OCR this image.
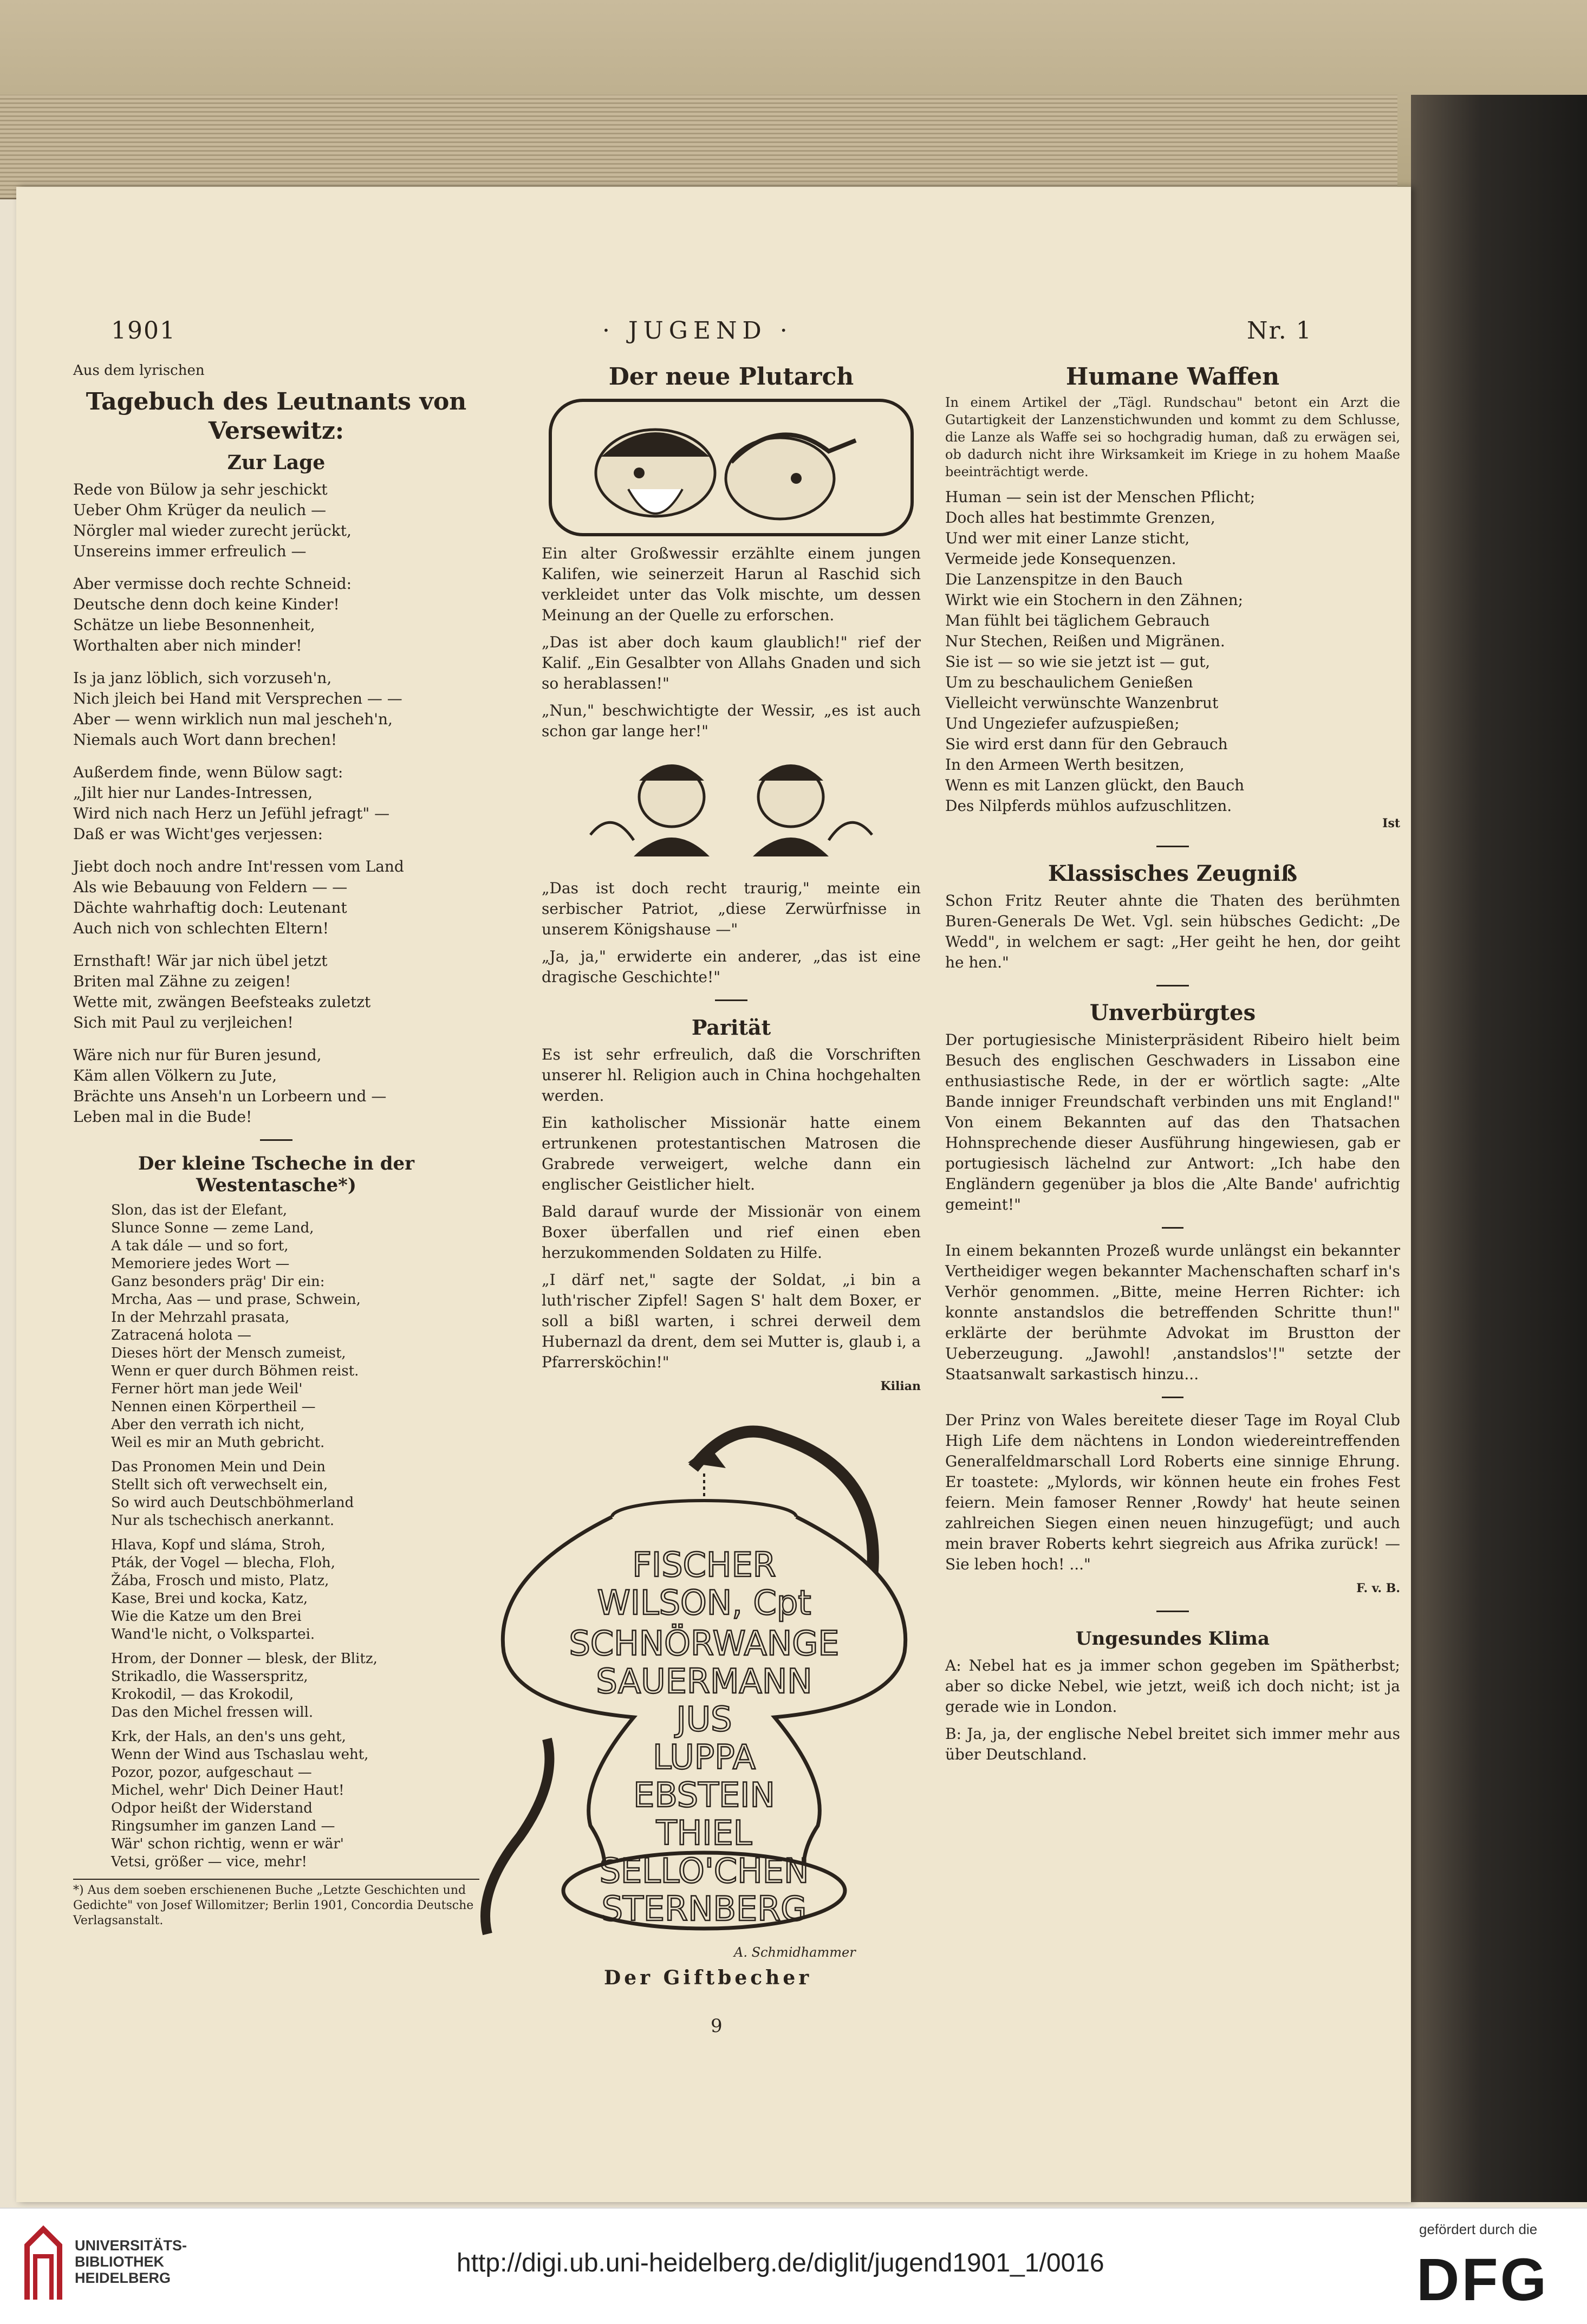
1901	· JUGEND ·	Nr. 1

Aus dem lyrischen

Tagebuch des Leutnants von Versewitz:
Zur Lage

Rede von Bülow ja sehr jeschickt
Ueber Ohm Krüger da neulich —
Nörgler mal wieder zurecht jerückt,
Unsereins immer erfreulich —

Aber vermisse doch rechte Schneid:
Deutsche denn doch keine Kinder!
Schätze un liebe Besonnenheit,
Worthalten aber nich minder!

Is ja janz löblich, sich vorzuseh'n,
Nich jleich bei Hand mit Versprechen — —
Aber — wenn wirklich nun mal jescheh'n,
Niemals auch Wort dann brechen!

Außerdem finde, wenn Bülow sagt:
„Jilt hier nur Landes-Intressen,
Wird nich nach Herz un Jefühl jefragt" —
Daß er was Wicht'ges verjessen:

Jiebt doch noch andre Int'ressen vom Land
Als wie Bebauung von Feldern — —
Dächte wahrhaftig doch: Leutenant
Auch nich von schlechten Eltern!

Ernsthaft! Wär jar nich übel jetzt
Briten mal Zähne zu zeigen!
Wette mit, zwängen Beefsteaks zuletzt
Sich mit Paul zu verjleichen!

Wäre nich nur für Buren jesund,
Käm allen Völkern zu Jute,
Brächte uns Anseh'n un Lorbeern und —
Leben mal in die Bude!

Der kleine Tscheche in der Westentasche*)

Slon, das ist der Elefant,
Slunce Sonne — zeme Land,
A tak dále — und so fort,
Memoriere jedes Wort —
Ganz besonders präg' Dir ein:
Mrcha, Aas — und prase, Schwein,
In der Mehrzahl prasata,
Zatracená holota —
Dieses hört der Mensch zumeist,
Wenn er quer durch Böhmen reist.
Ferner hört man jede Weil'
Nennen einen Körpertheil —
Aber den verrath ich nicht,
Weil es mir an Muth gebricht.

Das Pronomen Mein und Dein
Stellt sich oft verwechselt ein,
So wird auch Deutschböhmerland
Nur als tschechisch anerkannt.

Hlava, Kopf und sláma, Stroh,
Pták, der Vogel — blecha, Floh,
Žába, Frosch und misto, Platz,
Kase, Brei und kocka, Katz,
Wie die Katze um den Brei
Wand'le nicht, o Volkspartei.

Hrom, der Donner — blesk, der Blitz,
Strikadlo, die Wasserspritz,
Krokodil, — das Krokodil,
Das den Michel fressen will.

Krk, der Hals, an den's uns geht,
Wenn der Wind aus Tschaslau weht,
Pozor, pozor, aufgeschaut —
Michel, wehr' Dich Deiner Haut!
Odpor heißt der Widerstand
Ringsumher im ganzen Land —
Wär' schon richtig, wenn er wär'
Vetsi, größer — vice, mehr!

*) Aus dem soeben erschienenen Buche „Letzte Geschichten und Gedichte" von Josef Willomitzer; Berlin 1901, Concordia Deutsche Verlagsanstalt.
Der neue Plutarch

Ein alter Großwessir erzählte einem jungen Kalifen, wie seinerzeit Harun al Raschid sich verkleidet unter das Volk mischte, um dessen Meinung an der Quelle zu erforschen.

„Das ist aber doch kaum glaublich!" rief der Kalif. „Ein Gesalbter von Allahs Gnaden und sich so herablassen!"

„Nun," beschwichtigte der Wessir, „es ist auch schon gar lange her!"

„Das ist doch recht traurig," meinte ein serbischer Patriot, „diese Zerwürfnisse in unserem Königshause —"

„Ja, ja," erwiderte ein anderer, „das ist eine dragische Geschichte!"

Parität

Es ist sehr erfreulich, daß die Vorschriften unserer hl. Religion auch in China hochgehalten werden.

Ein katholischer Missionär hatte einem ertrunkenen protestantischen Matrosen die Grabrede verweigert, welche dann ein englischer Geistlicher hielt.

Bald darauf wurde der Missionär von einem Boxer überfallen und rief einen eben herzukommenden Soldaten zu Hilfe.

„I därf net," sagte der Soldat, „i bin a luth'rischer Zipfel! Sagen S' halt dem Boxer, er soll a bißl warten, i schrei derweil dem Hubernazl da drent, dem sei Mutter is, glaub i, a Pfarrersköchin!"

Kilian
FISCHER
WILSON, Cpt
SCHNÖRWANGE
SAUERMANN
JUS
LUPPA
EBSTEIN
THIEL
SELLO'CHEN
STERNBERG
A. Schmidhammer
Der Giftbecher
Humane Waffen

In einem Artikel der „Tägl. Rundschau" betont ein Arzt die Gutartigkeit der Lanzenstichwunden und kommt zu dem Schlusse, die Lanze als Waffe sei so hochgradig human, daß zu erwägen sei, ob dadurch nicht ihre Wirksamkeit im Kriege in zu hohem Maaße beeinträchtigt werde.

Human — sein ist der Menschen Pflicht;
Doch alles hat bestimmte Grenzen,
Und wer mit einer Lanze sticht,
Vermeide jede Konsequenzen.

Die Lanzenspitze in den Bauch
Wirkt wie ein Stochern in den Zähnen;
Man fühlt bei täglichem Gebrauch
Nur Stechen, Reißen und Migränen.

Sie ist — so wie sie jetzt ist — gut,
Um zu beschaulichem Genießen
Vielleicht verwünschte Wanzenbrut
Und Ungeziefer aufzuspießen;

Sie wird erst dann für den Gebrauch
In den Armeen Werth besitzen,
Wenn es mit Lanzen glückt, den Bauch
Des Nilpferds mühlos aufzuschlitzen.

Ist
Klassisches Zeugniß

Schon Fritz Reuter ahnte die Thaten des berühmten Buren-Generals De Wet. Vgl. sein hübsches Gedicht: „De Wedd", in welchem er sagt: „Her geiht he hen, dor geiht he hen."

Unverbürgtes

Der portugiesische Ministerpräsident Ribeiro hielt beim Besuch des englischen Geschwaders in Lissabon eine enthusiastische Rede, in der er wörtlich sagte: „Alte Bande inniger Freundschaft verbinden uns mit England!" Von einem Bekannten auf das den Thatsachen Hohnsprechende dieser Ausführung hingewiesen, gab er portugiesisch lächelnd zur Antwort: „Ich habe den Engländern gegenüber ja blos die ‚Alte Bande' aufrichtig gemeint!"

In einem bekannten Prozeß wurde unlängst ein bekannter Vertheidiger wegen bekannter Machenschaften scharf in's Verhör genommen. „Bitte, meine Herren Richter: ich konnte anstandslos die betreffenden Schritte thun!" erklärte der berühmte Advokat im Brustton der Ueberzeugung. „Jawohl! ‚anstandslos'!" setzte der Staatsanwalt sarkastisch hinzu...

Der Prinz von Wales bereitete dieser Tage im Royal Club High Life dem nächtens in London wiedereintreffenden Generalfeldmarschall Lord Roberts eine sinnige Ehrung. Er toastete: „Mylords, wir können heute ein frohes Fest feiern. Mein famoser Renner ‚Rowdy' hat heute seinen zahlreichen Siegen einen neuen hinzugefügt; und auch mein braver Roberts kehrt siegreich aus Afrika zurück! — Sie leben hoch! ..."

F. v. B.
Ungesundes Klima

A: Nebel hat es ja immer schon gegeben im Spätherbst; aber so dicke Nebel, wie jetzt, weiß ich doch nicht; ist ja gerade wie in London.

B: Ja, ja, der englische Nebel breitet sich immer mehr aus über Deutschland.

9
UNIVERSITÄTS-
BIBLIOTHEK
HEIDELBERG
http://digi.ub.uni-heidelberg.de/diglit/jugend1901_1/0016
gefördert durch die
DFG
